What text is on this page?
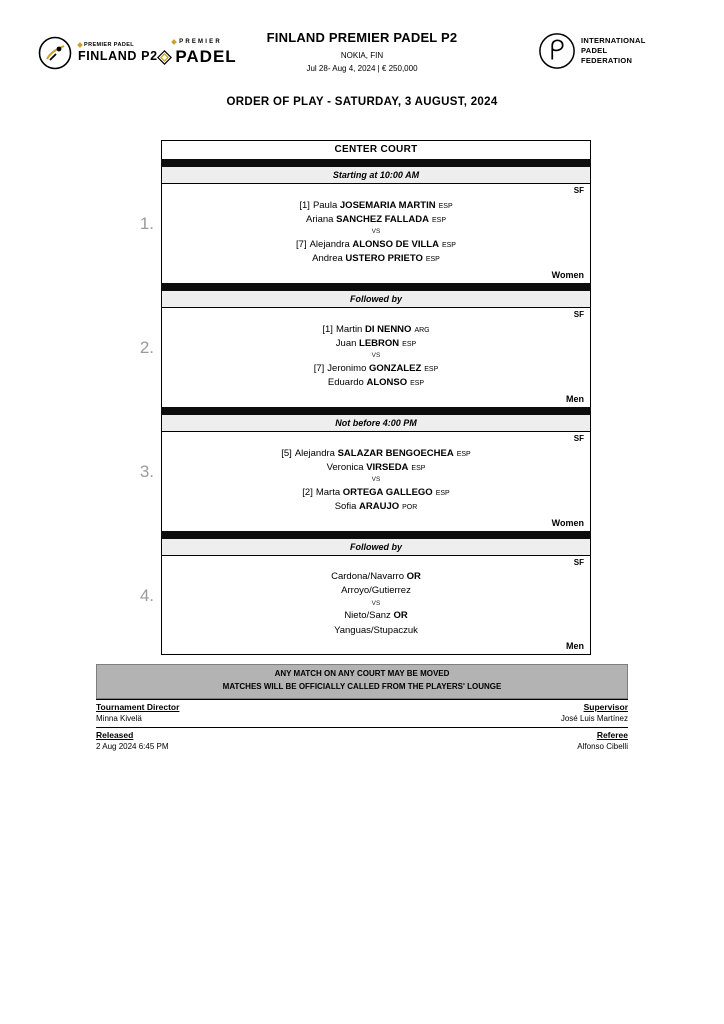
PREMIER PADEL
FINLAND P2
PREMIER
PADEL
FINLAND PREMIER PADEL P2
NOKIA, FIN
Jul 28- Aug 4, 2024 | € 250,000
INTERNATIONAL
PADEL
FEDERATION
ORDER OF PLAY - SATURDAY, 3 AUGUST, 2024
CENTER COURT
1.
Starting at 10:00 AM
SF
[1] Paula JOSEMARIA MARTIN ESP
Ariana SANCHEZ FALLADA ESP
VS
[7] Alejandra ALONSO DE VILLA ESP
Andrea USTERO PRIETO ESP
Women
2.
Followed by
SF
[1] Martin DI NENNO ARG
Juan LEBRON ESP
VS
[7] Jeronimo GONZALEZ ESP
Eduardo ALONSO ESP
Men
3.
Not before 4:00 PM
SF
[5] Alejandra SALAZAR BENGOECHEA ESP
Veronica VIRSEDA ESP
VS
[2] Marta ORTEGA GALLEGO ESP
Sofia ARAUJO POR
Women
4.
Followed by
SF
Cardona/Navarro OR
Arroyo/Gutierrez
VS
Nieto/Sanz OR
Yanguas/Stupaczuk
Men
ANY MATCH ON ANY COURT MAY BE MOVED
MATCHES WILL BE OFFICIALLY CALLED FROM THE PLAYERS' LOUNGE
Tournament Director	Supervisor
Minna Kivelä	José Luis Martínez
Released	Referee
2 Aug 2024 6:45 PM	Alfonso Cibelli
